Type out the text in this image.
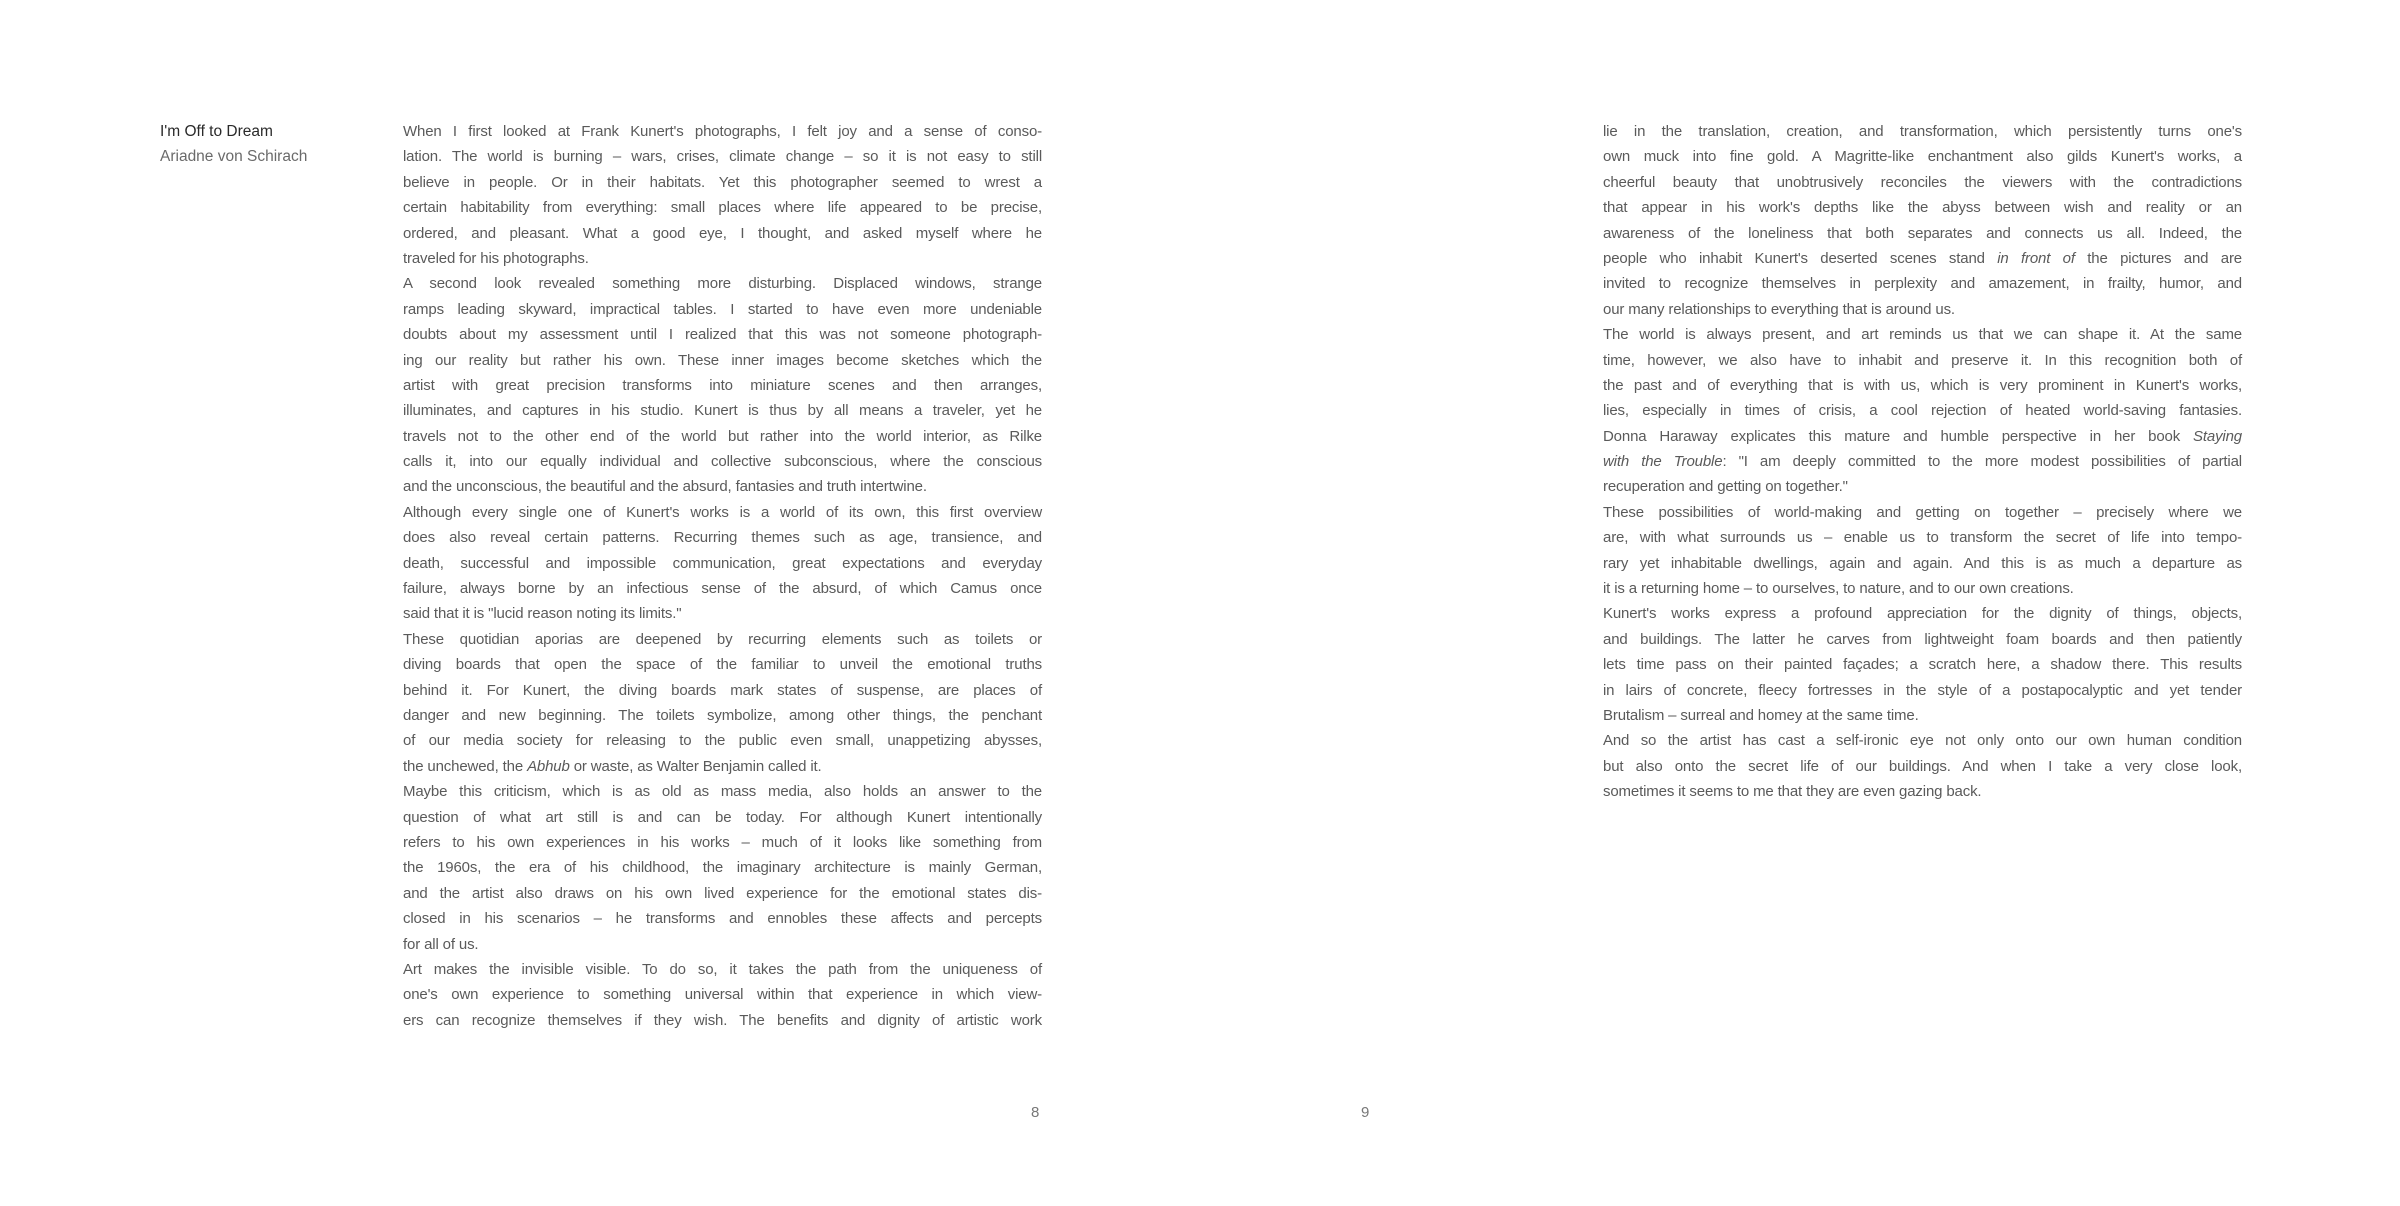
I'm Off to Dream
Ariadne von Schirach
When I first looked at Frank Kunert's photographs, I felt joy and a sense of conso-
lation. The world is burning – wars, crises, climate change – so it is not easy to still
believe in people. Or in their habitats. Yet this photographer seemed to wrest a
certain habitability from everything: small places where life appeared to be precise,
ordered, and pleasant. What a good eye, I thought, and asked myself where he
traveled for his photographs.
A second look revealed something more disturbing. Displaced windows, strange
ramps leading skyward, impractical tables. I started to have even more undeniable
doubts about my assessment until I realized that this was not someone photograph-
ing our reality but rather his own. These inner images become sketches which the
artist with great precision transforms into miniature scenes and then arranges,
illuminates, and captures in his studio. Kunert is thus by all means a traveler, yet he
travels not to the other end of the world but rather into the world interior, as Rilke
calls it, into our equally individual and collective subconscious, where the conscious
and the unconscious, the beautiful and the absurd, fantasies and truth intertwine.
Although every single one of Kunert's works is a world of its own, this first overview
does also reveal certain patterns. Recurring themes such as age, transience, and
death, successful and impossible communication, great expectations and everyday
failure, always borne by an infectious sense of the absurd, of which Camus once
said that it is "lucid reason noting its limits."
These quotidian aporias are deepened by recurring elements such as toilets or
diving boards that open the space of the familiar to unveil the emotional truths
behind it. For Kunert, the diving boards mark states of suspense, are places of
danger and new beginning. The toilets symbolize, among other things, the penchant
of our media society for releasing to the public even small, unappetizing abysses,
the unchewed, the Abhub or waste, as Walter Benjamin called it.
Maybe this criticism, which is as old as mass media, also holds an answer to the
question of what art still is and can be today. For although Kunert intentionally
refers to his own experiences in his works – much of it looks like something from
the 1960s, the era of his childhood, the imaginary architecture is mainly German,
and the artist also draws on his own lived experience for the emotional states dis-
closed in his scenarios – he transforms and ennobles these affects and percepts
for all of us.
Art makes the invisible visible. To do so, it takes the path from the uniqueness of
one's own experience to something universal within that experience in which view-
ers can recognize themselves if they wish. The benefits and dignity of artistic work
8
lie in the translation, creation, and transformation, which persistently turns one's
own muck into fine gold. A Magritte-like enchantment also gilds Kunert's works, a
cheerful beauty that unobtrusively reconciles the viewers with the contradictions
that appear in his work's depths like the abyss between wish and reality or an
awareness of the loneliness that both separates and connects us all. Indeed, the
people who inhabit Kunert's deserted scenes stand in front of the pictures and are
invited to recognize themselves in perplexity and amazement, in frailty, humor, and
our many relationships to everything that is around us.
The world is always present, and art reminds us that we can shape it. At the same
time, however, we also have to inhabit and preserve it. In this recognition both of
the past and of everything that is with us, which is very prominent in Kunert's works,
lies, especially in times of crisis, a cool rejection of heated world-saving fantasies.
Donna Haraway explicates this mature and humble perspective in her book Staying
with the Trouble: "I am deeply committed to the more modest possibilities of partial
recuperation and getting on together."
These possibilities of world-making and getting on together – precisely where we
are, with what surrounds us – enable us to transform the secret of life into tempo-
rary yet inhabitable dwellings, again and again. And this is as much a departure as
it is a returning home – to ourselves, to nature, and to our own creations.
Kunert's works express a profound appreciation for the dignity of things, objects,
and buildings. The latter he carves from lightweight foam boards and then patiently
lets time pass on their painted façades; a scratch here, a shadow there. This results
in lairs of concrete, fleecy fortresses in the style of a postapocalyptic and yet tender
Brutalism – surreal and homey at the same time.
And so the artist has cast a self-ironic eye not only onto our own human condition
but also onto the secret life of our buildings. And when I take a very close look,
sometimes it seems to me that they are even gazing back.
9
